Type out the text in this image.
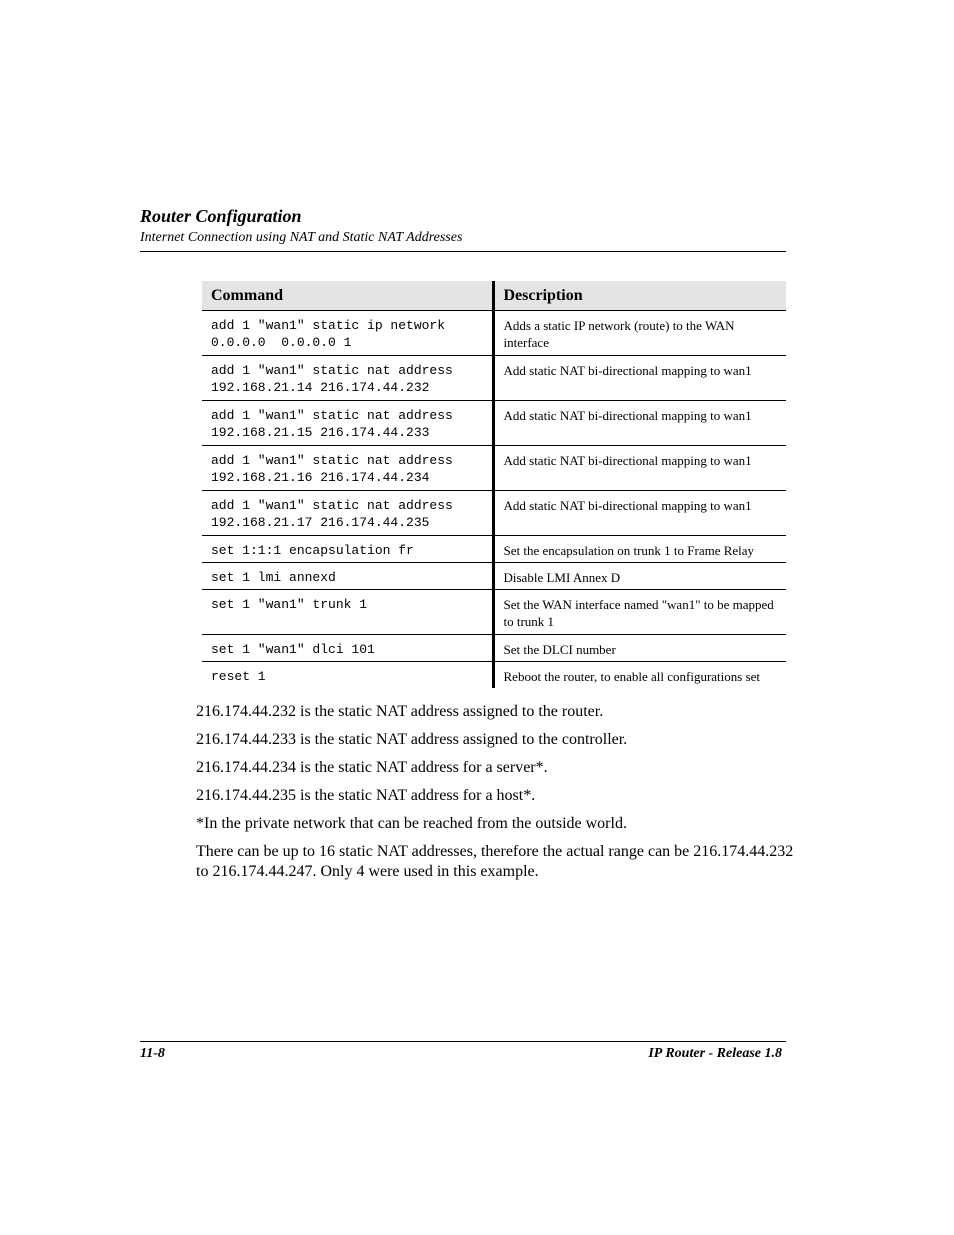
Router Configuration
Internet Connection using NAT and Static NAT Addresses
Command	Description
add 1 "wan1" static ip network
0.0.0.0  0.0.0.0 1	Adds a static IP network (route) to the WAN interface
add 1 "wan1" static nat address
192.168.21.14 216.174.44.232	Add static NAT bi-directional mapping to wan1
add 1 "wan1" static nat address
192.168.21.15 216.174.44.233	Add static NAT bi-directional mapping to wan1
add 1 "wan1" static nat address
192.168.21.16 216.174.44.234	Add static NAT bi-directional mapping to wan1
add 1 "wan1" static nat address
192.168.21.17 216.174.44.235	Add static NAT bi-directional mapping to wan1
set 1:1:1 encapsulation fr	Set the encapsulation on trunk 1 to Frame Relay
set 1 lmi annexd	Disable LMI Annex D
set 1 "wan1" trunk 1	Set the WAN interface named "wan1" to be mapped to trunk 1
set 1 "wan1" dlci 101	Set the DLCI number
reset 1	Reboot the router, to enable all configurations set

216.174.44.232 is the static NAT address assigned to the router.

216.174.44.233 is the static NAT address assigned to the controller.

216.174.44.234 is the static NAT address for a server*.

216.174.44.235 is the static NAT address for a host*.

*In the private network that can be reached from the outside world.

There can be up to 16 static NAT addresses, therefore the actual range can be 216.174.44.232 to 216.174.44.247. Only 4 were used in this example.

11-8	IP Router - Release 1.8
